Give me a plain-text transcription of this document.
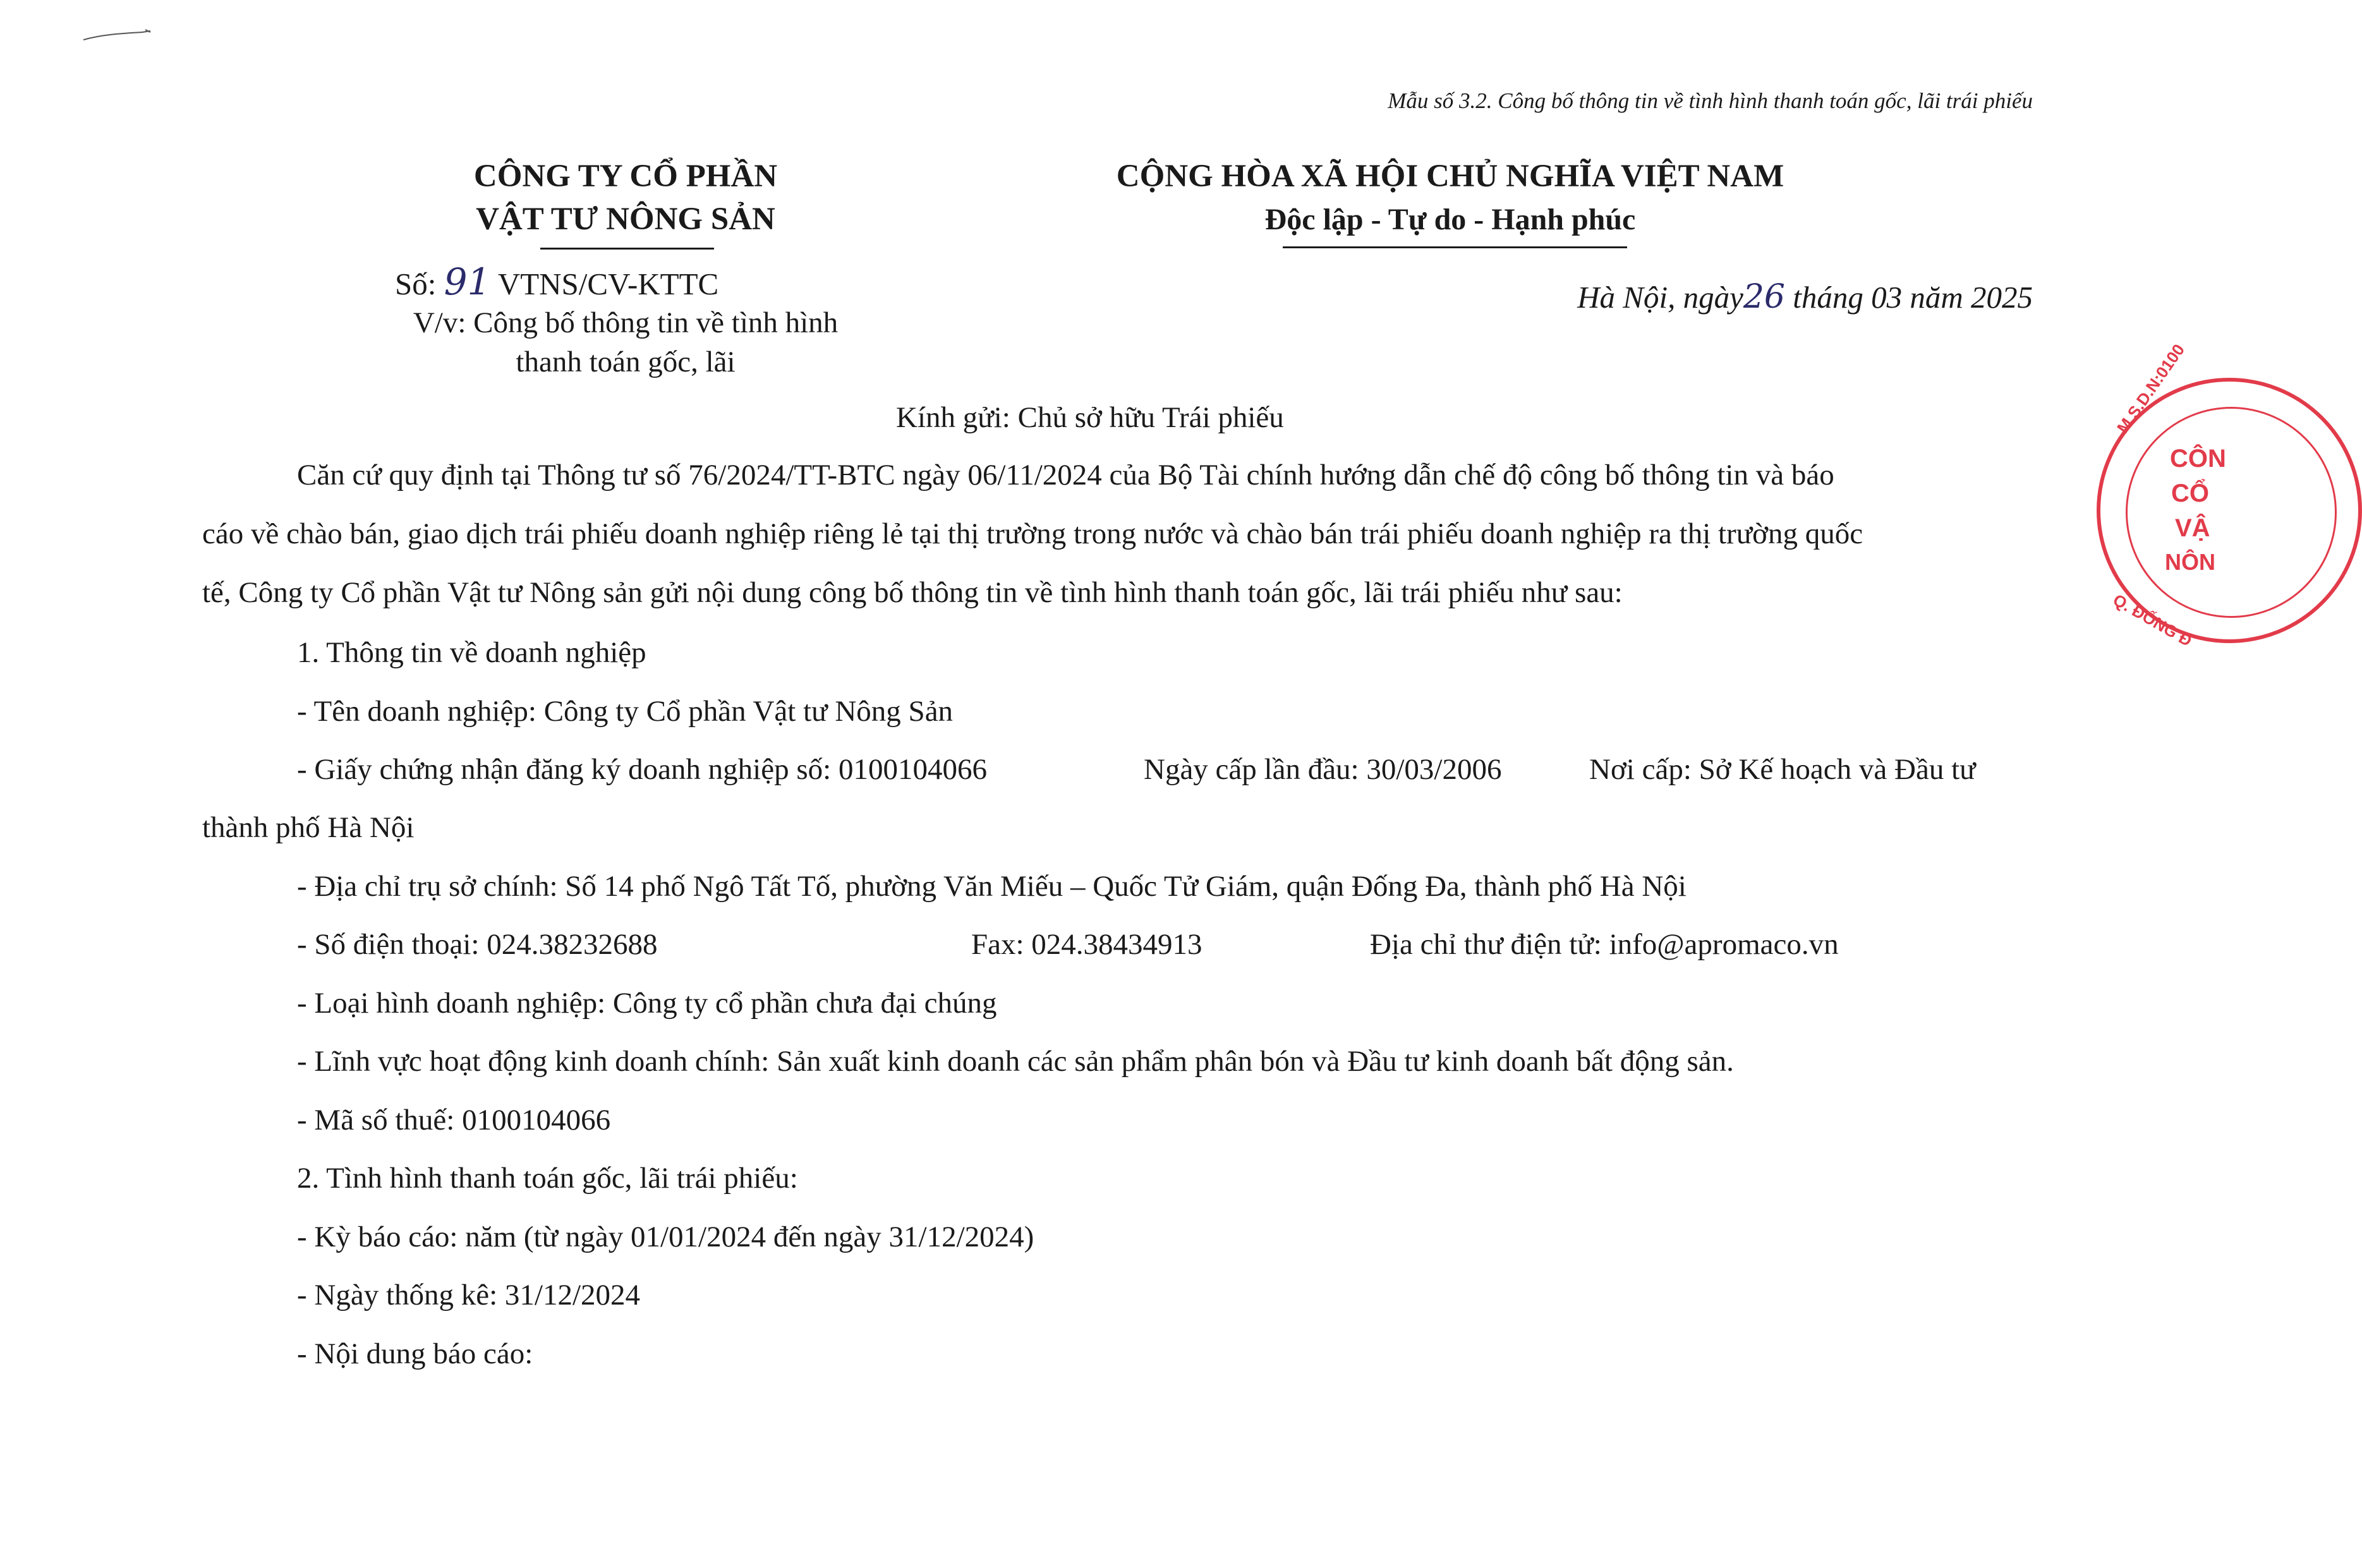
Mẫu số 3.2. Công bố thông tin về tình hình thanh toán gốc, lãi trái phiếu
CÔNG TY CỔ PHẦN
VẬT TƯ NÔNG SẢN
Số: 91 VTNS/CV-KTTC
V/v: Công bố thông tin về tình hình
thanh toán gốc, lãi
CỘNG HÒA XÃ HỘI CHỦ NGHĨA VIỆT NAM
Độc lập - Tự do - Hạnh phúc
Hà Nội, ngày26 tháng 03 năm 2025
Kính gửi: Chủ sở hữu Trái phiếu
Căn cứ quy định tại Thông tư số 76/2024/TT-BTC ngày 06/11/2024 của Bộ Tài chính hướng dẫn chế độ công bố thông tin và báo
cáo về chào bán, giao dịch trái phiếu doanh nghiệp riêng lẻ tại thị trường trong nước và chào bán trái phiếu doanh nghiệp ra thị trường quốc
tế, Công ty Cổ phần Vật tư Nông sản gửi nội dung công bố thông tin về tình hình thanh toán gốc, lãi trái phiếu như sau:
1. Thông tin về doanh nghiệp
- Tên doanh nghiệp: Công ty Cổ phần Vật tư Nông Sản
- Giấy chứng nhận đăng ký doanh nghiệp số: 0100104066	Ngày cấp lần đầu: 30/03/2006	Nơi cấp: Sở Kế hoạch và Đầu tư
thành phố Hà Nội
- Địa chỉ trụ sở chính: Số 14 phố Ngô Tất Tố, phường Văn Miếu – Quốc Tử Giám, quận Đống Đa, thành phố Hà Nội
- Số điện thoại: 024.38232688	Fax: 024.38434913	Địa chỉ thư điện tử: info@apromaco.vn
- Loại hình doanh nghiệp: Công ty cổ phần chưa đại chúng
- Lĩnh vực hoạt động kinh doanh chính: Sản xuất kinh doanh các sản phẩm phân bón và Đầu tư kinh doanh bất động sản.
- Mã số thuế: 0100104066
2. Tình hình thanh toán gốc, lãi trái phiếu:
- Kỳ báo cáo: năm (từ ngày 01/01/2024 đến ngày 31/12/2024)
- Ngày thống kê: 31/12/2024
- Nội dung báo cáo:
M.S.D.N:0100
CÔN
CỔ
VẬ
NÔN
Q. ĐỐNG Đ
